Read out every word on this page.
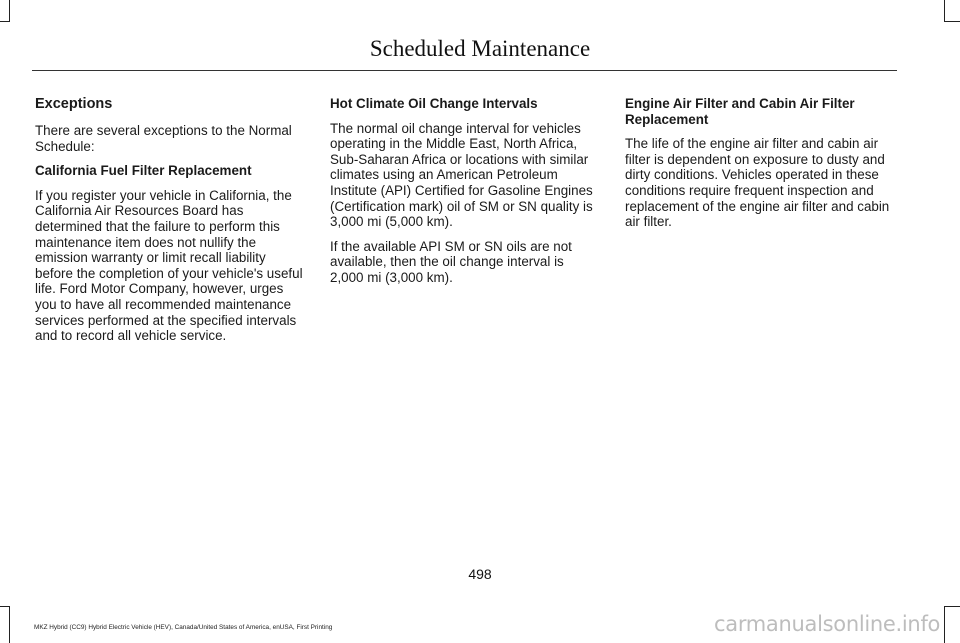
Scheduled Maintenance
Exceptions

There are several exceptions to the Normal Schedule:

California Fuel Filter Replacement

If you register your vehicle in California, the California Air Resources Board has determined that the failure to perform this maintenance item does not nullify the emission warranty or limit recall liability before the completion of your vehicle's useful life. Ford Motor Company, however, urges you to have all recommended maintenance services performed at the specified intervals and to record all vehicle service.

Hot Climate Oil Change Intervals

The normal oil change interval for vehicles operating in the Middle East, North Africa, Sub-Saharan Africa or locations with similar climates using an American Petroleum Institute (API) Certified for Gasoline Engines (Certification mark) oil of SM or SN quality is 3,000 mi (5,000 km).

If the available API SM or SN oils are not available, then the oil change interval is 2,000 mi (3,000 km).

Engine Air Filter and Cabin Air Filter Replacement

The life of the engine air filter and cabin air filter is dependent on exposure to dusty and dirty conditions. Vehicles operated in these conditions require frequent inspection and replacement of the engine air filter and cabin air filter.

498
MKZ Hybrid (CC9) Hybrid Electric Vehicle (HEV), Canada/United States of America, enUSA, First Printing	carmanualsonline.info
